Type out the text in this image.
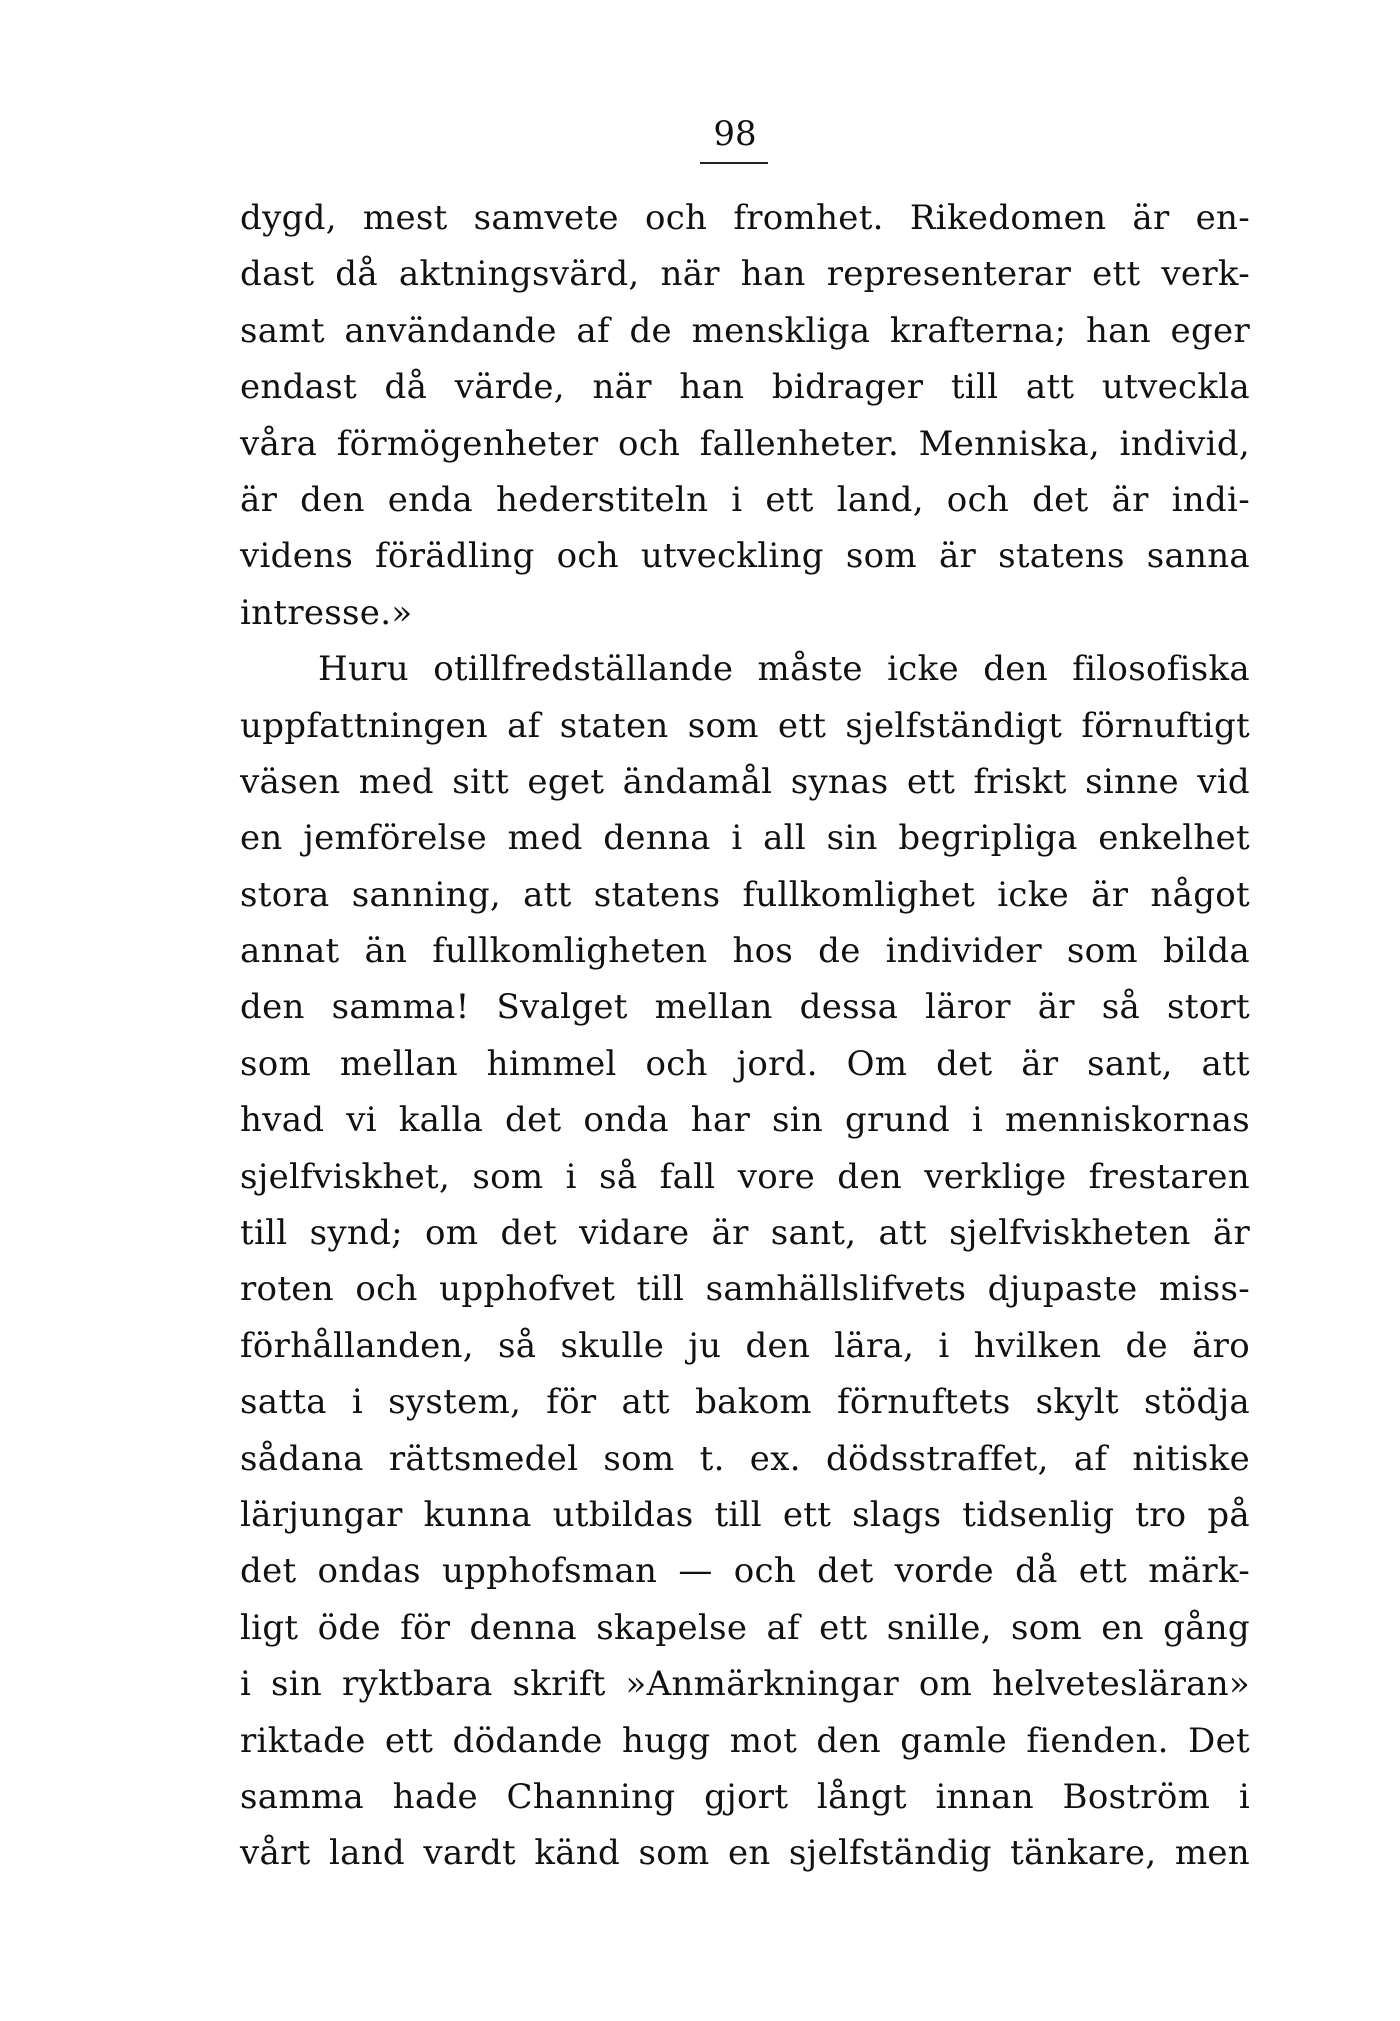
98
dygd, mest samvete och fromhet. Rikedomen är en-
dast då aktningsvärd, när han representerar ett verk-
samt användande af de menskliga krafterna; han eger
endast då värde, när han bidrager till att utveckla
våra förmögenheter och fallenheter. Menniska, individ,
är den enda hederstiteln i ett land, och det är indi-
videns förädling och utveckling som är statens sanna
intresse.»
Huru otillfredställande måste icke den filosofiska
uppfattningen af staten som ett sjelfständigt förnuftigt
väsen med sitt eget ändamål synas ett friskt sinne vid
en jemförelse med denna i all sin begripliga enkelhet
stora sanning, att statens fullkomlighet icke är något
annat än fullkomligheten hos de individer som bilda
den samma! Svalget mellan dessa läror är så stort
som mellan himmel och jord. Om det är sant, att
hvad vi kalla det onda har sin grund i menniskornas
sjelfviskhet, som i så fall vore den verklige frestaren
till synd; om det vidare är sant, att sjelfviskheten är
roten och upphofvet till samhällslifvets djupaste miss-
förhållanden, så skulle ju den lära, i hvilken de äro
satta i system, för att bakom förnuftets skylt stödja
sådana rättsmedel som t. ex. dödsstraffet, af nitiske
lärjungar kunna utbildas till ett slags tidsenlig tro på
det ondas upphofsman — och det vorde då ett märk-
ligt öde för denna skapelse af ett snille, som en gång
i sin ryktbara skrift »Anmärkningar om helvetesläran»
riktade ett dödande hugg mot den gamle fienden. Det
samma hade Channing gjort långt innan Boström i
vårt land vardt känd som en sjelfständig tänkare, men
